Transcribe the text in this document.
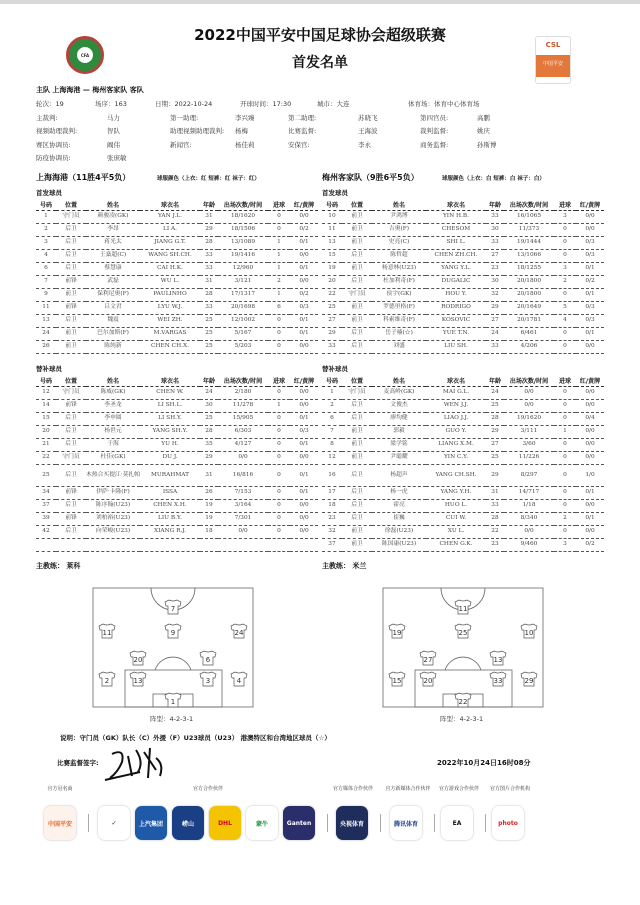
CFA
2022中国平安中国足球协会超级联赛
首发名单
CSL
中国平安
主队 上海海港 — 梅州客家队 客队
轮次：19	场序：163	日期：2022-10-24	开球时间：17:30	城市：大连	体育场：体育中心体育场
主裁判:	马力	第一助理:	李兴臻	第二助理:	苏晓飞	第四官员:	高鹏
视频助理裁判:	智队	助理视频助理裁判: 杨梅	比赛监督:	王海波	裁判监督:	姚庆
赛区协调员:	阚伟	新闻官:	杨佳莉	安保官:	李永	商务监督:	孙斯博
防疫协调员:	张庶敏
上海海港（11胜4平5负）	球服颜色（上衣：红 短裤：红 袜子：红）	梅州客家队（9胜6平5负）	球服颜色（上衣：白 短裤：白 袜子：白）
首发球员	首发球员
替补球员	替补球员
号码	位置	姓名	球衣名	年龄	出场次数/时间	进球	红/黄牌
1	守门员	颜骏凌(GK)	YAN J.L.	31	18/1620	0	0/0
2	后卫	李昂	LI A.	29	18/1506	0	0/2
3	后卫	蒋光太	JIANG G.T.	28	13/1089	1	0/1
4	后卫	王燊超(C)	WANG SH.CH.	33	19/1416	1	0/0
6	后卫	蔡慧康	CAI H.K.	33	12/960	1	0/1
7	前锋	武磊	WU L.	31	3/121	2	0/0
9	前卫	保利尼奥(F)	PAULINHO	28	17/1317	1	0/2
11	前锋	吕文君	LYU W.J.	33	20/1698	6	0/3
13	后卫	魏震	WEI ZH.	25	12/1002	0	0/1
24	前卫	巴尔加斯(F)	M.VARGAS	25	5/167	0	0/1
26	前卫	陈纯新	CHEN CH.X.	25	5/203	0	0/0
号码	位置	姓名	球衣名	年龄	出场次数/时间	进球	红/黄牌
10	前卫	尹鸿博	YIN H.B.	33	16/1065	3	0/0
11	前卫	吉奥(F)	CHESOM	30	11/373	0	0/0
13	前卫	史亮(C)	SHI L.	33	19/1444	0	0/3
15	后卫	陈哲超	CHEN ZH.CH.	27	13/1066	0	0/3
19	前卫	杨意林(U23)	YANG Y.L.	23	18/1255	3	0/1
20	后卫	杜加利奇(F)	DUGALIC	30	20/1800	2	0/2
22	守门员	侯宇(GK)	HOU Y.	32	20/1800	0	0/1
25	前卫	罗德里格(F)	RODRIGO	29	20/1649	5	0/3
27	前卫	科索维奇(F)	KOSOVIC	27	20/1781	4	0/3
29	后卫	岳子楠(☆)	YUE T.N.	24	6/461	0	0/1
33	后卫	刘盛	LIU SH.	33	4/206	0	0/0
号码	位置	姓名	球衣名	年龄	出场次数/时间	进球	红/黄牌
12	守门员	陈威(GK)	CHEN W.	24	2/180	0	0/0
14	前锋	李圣龙	LI SH.L.	30	11/278	1	0/0
15	后卫	李申圆	LI SH.Y.	25	15/905	0	0/1
20	后卫	杨世元	YANG SH.Y.	28	6/303	0	0/3
21	后卫	于海	YU H.	35	4/127	0	0/1
22	守门员	杜佳(GK)	DU J.	29	0/0	0	0/0
25	后卫	木热合买提江·莫扎帕	MURAHMAT	31	16/816	0	0/1
34	前锋	伊萨·卡隆(F)	ISSA	26	7/153	0	0/1
37	后卫	陈序翰(U23)	CHEN X.H.	19	3/164	0	0/0
39	前锋	刘柏裕(U23)	LIU B.Y.	19	7/301	0	0/0
42	后卫	向荣峻(U23)	XIANG R.J.	18	0/0	0	0/0

号码	位置	姓名	球衣名	年龄	出场次数/时间	进球	红/黄牌
1	守门员	麦高岭(GK)	MAI G.L.	24	0/0	0	0/0
2	后卫	文俊杰	WEN J.J.	25	0/0	0	0/0
6	后卫	廖均健	LIAO J.J.	28	19/1620	0	0/4
7	前卫	郭毅	GUO Y.	29	3/111	1	0/0
8	前卫	梁学铭	LIANG X.M.	27	3/60	0	0/0
12	前卫	尹聪耀	YIN C.Y.	25	11/226	0	0/0
16	后卫	杨超声	YANG CH.SH.	29	8/297	0	1/0
17	后卫	杨一虎	YANG Y.H.	31	14/717	0	0/1
18	后卫	霍亮	HUO L.	33	1/18	0	0/0
23	后卫	崔巍	CUI W.	28	8/340	2	0/1
32	前卫	徐磊(U23)	XU L.	22	0/0	0	0/0
37	前卫	陈国康(U23)	CHEN G.K.	23	9/460	3	0/2
主教练： 莱科	主教练： 米兰
7
11	9	24
20	6
2	13	3	4
1
11
19	25	10
27	13
15	20	33	29
22
阵型：4-2-3-1	阵型：4-2-3-1
说明：守门员（GK）队长（C）外援（F）U23球员（U23） 港澳特区和台湾地区球员（☆）
比赛监督签字:	2022年10月24日16时08分
官方冠名商	官方合作伙伴	官方媒体合作伙伴	官方新媒体合作伙伴	官方游戏合作伙伴	官方图片合作机构
中国平安	✓	上汽集团	崂山	DHL	蒙牛	Ganten	央视体育	腾讯体育	EA	photo
